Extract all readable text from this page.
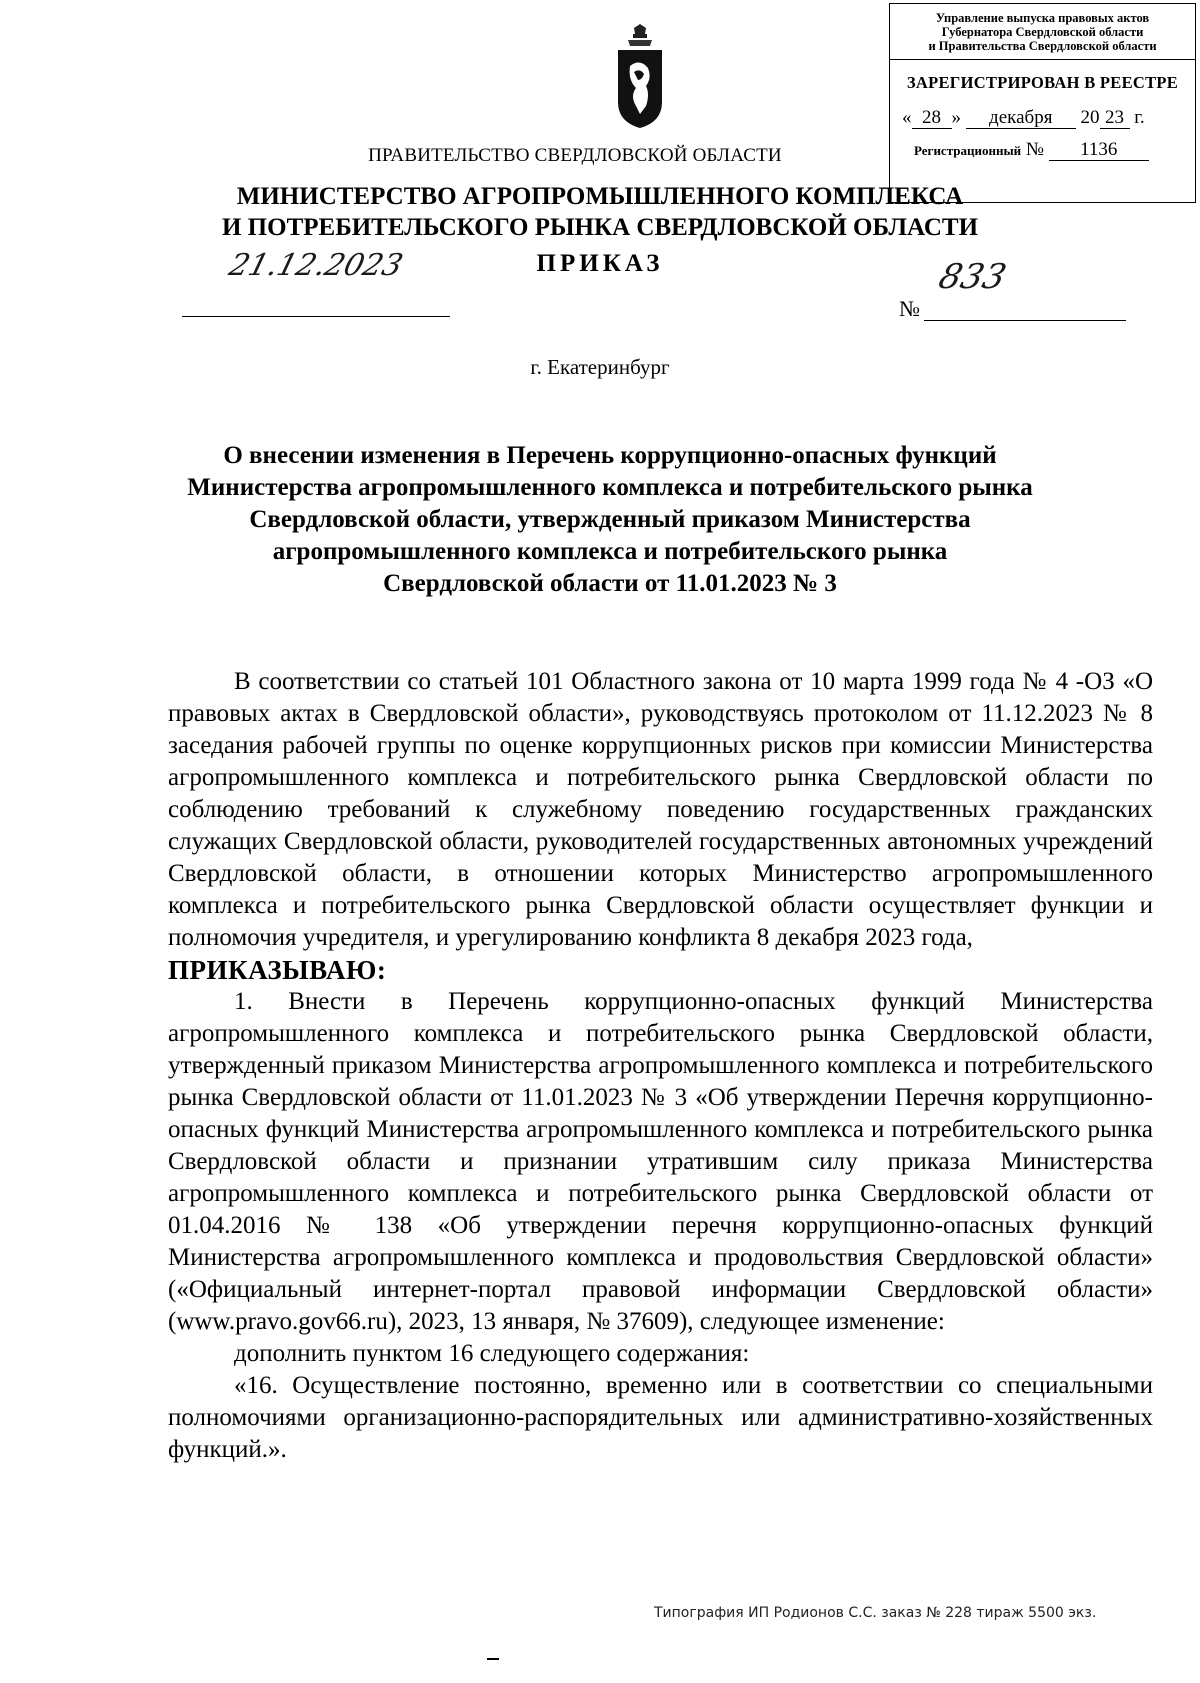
ПРАВИТЕЛЬСТВО СВЕРДЛОВСКОЙ ОБЛАСТИ
МИНИСТЕРСТВО АГРОПРОМЫШЛЕННОГО КОМПЛЕКСА
И ПОТРЕБИТЕЛЬСКОГО РЫНКА СВЕРДЛОВСКОЙ ОБЛАСТИ
ПРИКАЗ
21.12.2023
№
833
г. Екатеринбург
Управление выпуска правовых актов
Губернатора Свердловской области
и Правительства Свердловской области
ЗАРЕГИСТРИРОВАН В РЕЕСТРЕ
« 28 » декабря 20 23 г.
Регистрационный № 1136
О внесении изменения в Перечень коррупционно-опасных функций
Министерства агропромышленного комплекса и потребительского рынка
Свердловской области, утвержденный приказом Министерства
агропромышленного комплекса и потребительского рынка
Свердловской области от 11.01.2023 № 3

В соответствии со статьей 101 Областного закона от 10 марта 1999 года № 4 -ОЗ «О правовых актах в Свердловской области», руководствуясь протоколом от 11.12.2023 № 8 заседания рабочей группы по оценке коррупционных рисков при комиссии Министерства агропромышленного комплекса и потребительского рынка Свердловской области по соблюдению требований к служебному поведению государственных гражданских служащих Свердловской области, руководителей государственных автономных учреждений Свердловской области, в отношении которых Министерство агропромышленного комплекса и потребительского рынка Свердловской области осуществляет функции и полномочия учредителя, и урегулированию конфликта 8 декабря 2023 года,

ПРИКАЗЫВАЮ:

1. Внести в Перечень коррупционно-опасных функций Министерства агропромышленного комплекса и потребительского рынка Свердловской области, утвержденный приказом Министерства агропромышленного комплекса и потребительского рынка Свердловской области от 11.01.2023 № 3 «Об утверждении Перечня коррупционно-опасных функций Министерства агропромышленного комплекса и потребительского рынка Свердловской области и признании утратившим силу приказа Министерства агропромышленного комплекса и потребительского рынка Свердловской области от 01.04.2016 № 138 «Об утверждении перечня коррупционно-опасных функций Министерства агропромышленного комплекса и продовольствия Свердловской области» («Официальный интернет-портал правовой информации Свердловской области» (www.pravo.gov66.ru), 2023, 13 января, № 37609), следующее изменение:

дополнить пунктом 16 следующего содержания:

«16. Осуществление постоянно, временно или в соответствии со специальными полномочиями организационно-распорядительных или административно-хозяйственных функций.».

Типография ИП Родионов С.С. заказ № 228 тираж 5500 экз.
